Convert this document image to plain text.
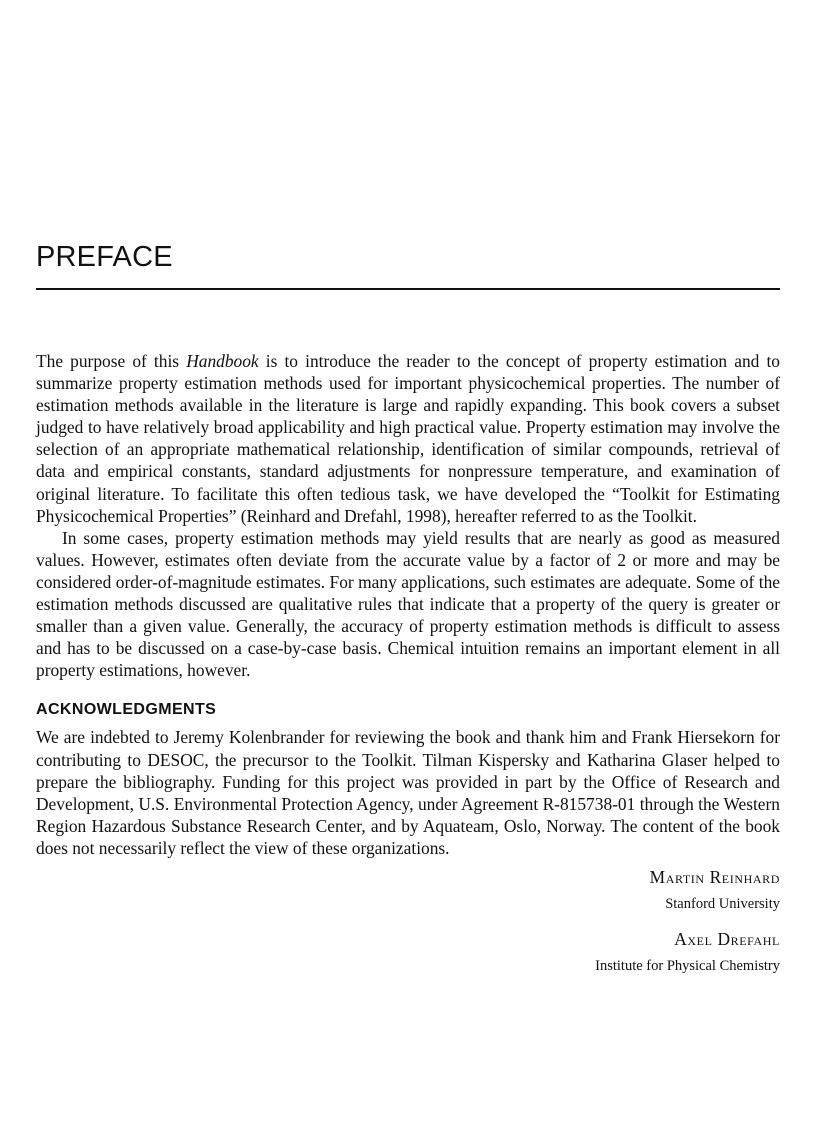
PREFACE

The purpose of this Handbook is to introduce the reader to the concept of property estimation and to summarize property estimation methods used for important physicochemical properties. The number of estimation methods available in the literature is large and rapidly expanding. This book covers a subset judged to have relatively broad applicability and high practical value. Property estimation may involve the selection of an appropriate mathematical relationship, identification of similar compounds, retrieval of data and empirical constants, standard adjustments for nonpressure temperature, and examination of original literature. To facilitate this often tedious task, we have developed the “Toolkit for Estimating Physicochemical Properties” (Reinhard and Drefahl, 1998), hereafter referred to as the Toolkit.

In some cases, property estimation methods may yield results that are nearly as good as measured values. However, estimates often deviate from the accurate value by a factor of 2 or more and may be considered order-of-magnitude estimates. For many applications, such estimates are adequate. Some of the estimation methods discussed are qualitative rules that indicate that a property of the query is greater or smaller than a given value. Generally, the accuracy of property estimation methods is difficult to assess and has to be discussed on a case-by-case basis. Chemical intuition remains an important element in all property estimations, however.

ACKNOWLEDGMENTS

We are indebted to Jeremy Kolenbrander for reviewing the book and thank him and Frank Hiersekorn for contributing to DESOC, the precursor to the Toolkit. Tilman Kispersky and Katharina Glaser helped to prepare the bibliography. Funding for this project was provided in part by the Office of Research and Development, U.S. Environmental Protection Agency, under Agreement R-815738-01 through the Western Region Hazardous Substance Research Center, and by Aquateam, Oslo, Norway. The content of the book does not necessarily reflect the view of these organizations.

Martin Reinhard
Stanford University
Axel Drefahl
Institute for Physical Chemistry
